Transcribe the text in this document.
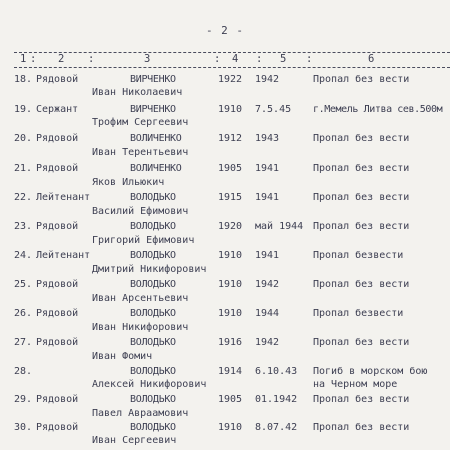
- 2 -
1 : 2 :	3	: 4 : 5 :	6
18. Рядовой	ВИРЧЕНКО	1922 1942	Пропал без вести
Иван Николаевич
19. Сержант	ВИРЧЕНКО	1910 7.5.45 г.Мемель Литва сев.500м
Трофим Сергеевич
20. Рядовой	ВОЛИЧЕНКО	1912 1943	Пропал без вести
Иван Терентьевич
21. Рядовой	ВОЛИЧЕНКО	1905 1941	Пропал без вести
Яков Ильюкич
22. Лейтенант	ВОЛОДЬКО	1915 1941	Пропал без вести
Василий Ефимович
23. Рядовой	ВОЛОДЬКО	1920 май 1944 Пропал без вести
Григорий Ефимович
24. Лейтенант	ВОЛОДЬКО	1910 1941	Пропал безвести
Дмитрий Никифорович
25. Рядовой	ВОЛОДЬКО	1910 1942	Пропал без вести
Иван Арсентьевич
26. Рядовой	ВОЛОДЬКО	1910 1944	Пропал безвести
Иван Никифорович
27. Рядовой	ВОЛОДЬКО	1916 1942	Пропал без вести
Иван Фомич
28.	ВОЛОДЬКО	1914 6.10.43 Погиб в морском бою
Алексей Никифорович	на Черном море
29. Рядовой	ВОЛОДЬКО	1905 01.1942 Пропал без вести
Павел Авраамович
30. Рядовой	ВОЛОДЬКО	1910 8.07.42 Пропал без вести
Иван Сергеевич
